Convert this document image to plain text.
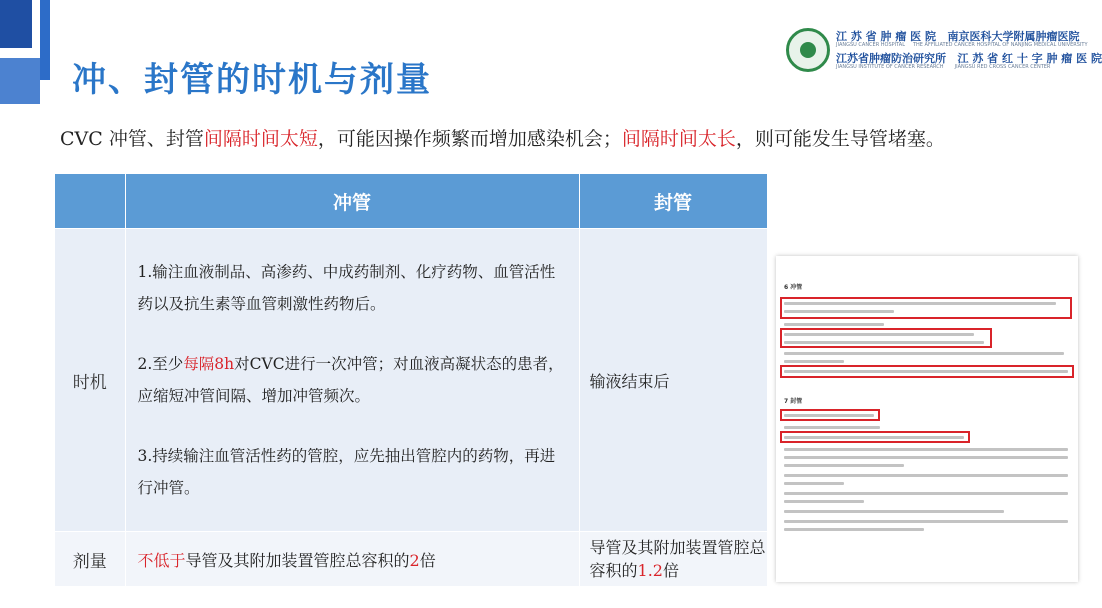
冲、封管的时机与剂量
江 苏 省 肿 瘤 医 院 南京医科大学附属肿瘤医院
JIANGSU CANCER HOSPITAL THE AFFILIATED CANCER HOSPITAL OF NANJING MEDICAL UNIVERSITY
江苏省肿瘤防治研究所 江 苏 省 红 十 字 肿 瘤 医 院
JIANGSU INSTITUTE OF CANCER RESEARCH JIANGSU RED CROSS CANCER CENTER
CVC 冲管、封管间隔时间太短，可能因操作频繁而增加感染机会；间隔时间太长，则可能发生导管堵塞。
	冲管	封管
时机	1.输注血液制品、高渗药、中成药制剂、化疗药物、血管活性药以及抗生素等血管刺激性药物后。

2.至少每隔8h对CVC进行一次冲管；对血液高凝状态的患者，应缩短冲管间隔、增加冲管频次。

3.持续输注血管活性药的管腔，应先抽出管腔内的药物，再进行冲管。	输液结束后
剂量	不低于导管及其附加装置管腔总容积的2倍	导管及其附加装置管腔总容积的1.2倍
6 冲管
7 封管
